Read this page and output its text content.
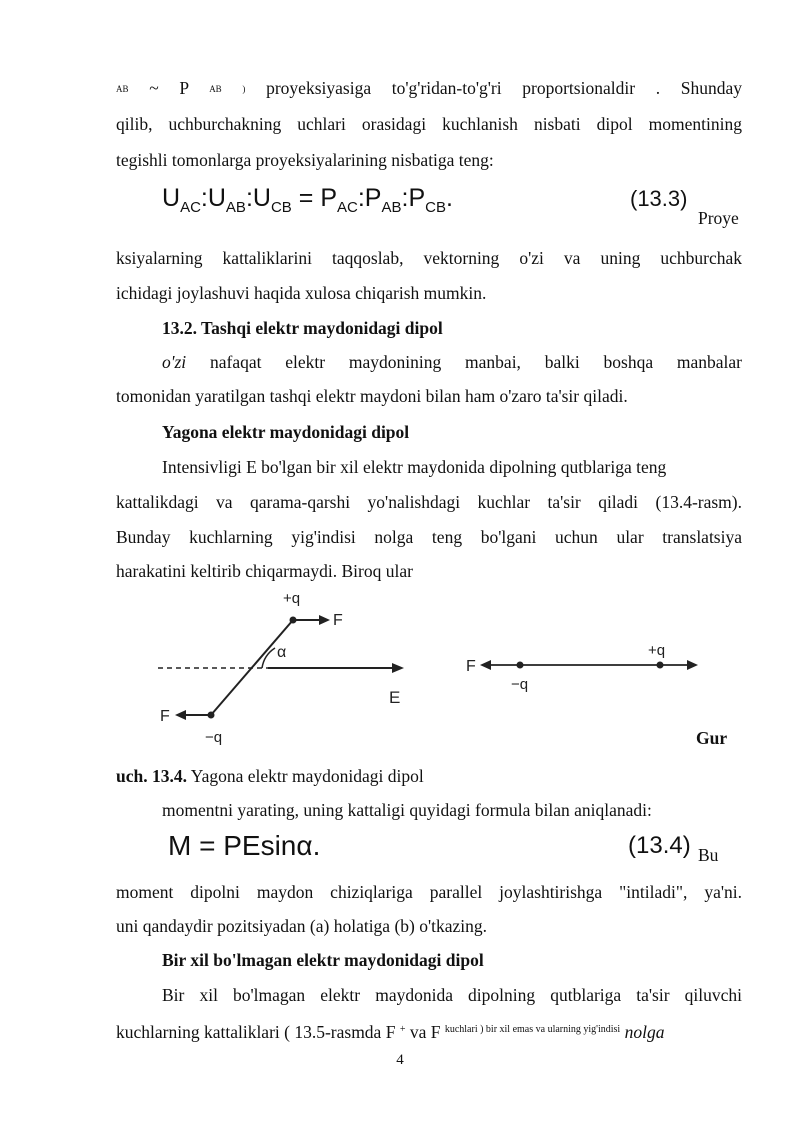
AB ~ P AB ) proyeksiyasiga to'g'ridan-to'g'ri proportsionaldir . Shunday
qilib, uchburchakning uchlari orasidagi kuchlanish nisbati dipol momentining
tegishli tomonlarga proyeksiyalarining nisbatiga teng:
$U_{AC}:U_{AB}:U_{CB}$ = $P_{AC}:P_{AB}:P_{CB}$.	(13.3)
Proye
ksiyalarning kattaliklarini taqqoslab, vektorning o'zi va uning uchburchak
ichidagi joylashuvi haqida xulosa chiqarish mumkin.
13.2. Tashqi elektr maydonidagi dipol
o'zi nafaqat elektr maydonining manbai, balki boshqa manbalar
tomonidan yaratilgan tashqi elektr maydoni bilan ham o'zaro ta'sir qiladi.
Yagona elektr maydonidagi dipol
Intensivligi E bo'lgan bir xil elektr maydonida dipolning qutblariga teng
kattalikdagi va qarama-qarshi yo'nalishdagi kuchlar ta'sir qiladi (13.4-rasm).
Bunday kuchlarning yig'indisi nolga teng bo'lgani uchun ular translatsiya
harakatini keltirib chiqarmaydi. Biroq ular
+q
F
α
E
F
−q
F
−q
+q
Gur
uch. 13.4. Yagona elektr maydonidagi dipol
momentni yarating, uning kattaligi quyidagi formula bilan aniqlanadi:
M = PEsinα.	(13.4) Bu
moment dipolni maydon chiziqlariga parallel joylashtirishga "intiladi", ya'ni.
uni qandaydir pozitsiyadan (a) holatiga (b) o'tkazing.
Bir xil bo'lmagan elektr maydonidagi dipol
Bir xil bo'lmagan elektr maydonida dipolning qutblariga ta'sir qiluvchi
kuchlarning kattaliklari ( 13.5-rasmda F + va F $^{kuchlari ) bir xil emas va ularning yig'indisi}$ nolga
4
